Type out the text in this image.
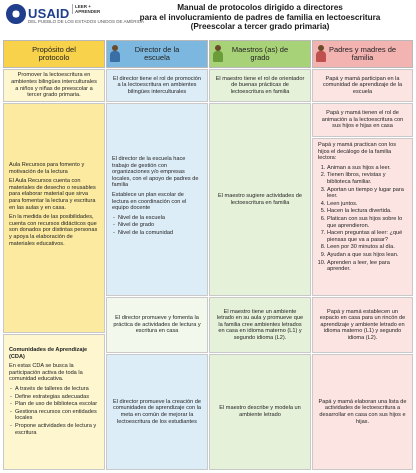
USAID
DEL PUEBLO DE LOS ESTADOS UNIDOS DE AMÉRICA
LEER + APRENDER	Manual de protocolos dirigido a directores
para el involucramiento de padres de familia en lectoescritura
(Preescolar a tercer grado primaria)
Propósito del protocolo
Director de la escuela
Maestros (as) de grado
Padres y madres de familia
Promover la lectoescritura en ambientes bilingües interculturales a niños y niñas de preescolar a tercer grado primaria.
El director tiene el rol de promoción a la lectoescritura en ambientes bilingües interculturales
El maestro tiene el rol de orientador de buenas prácticas de lectoescritura en familia
Papá y mamá participan en la comunidad de aprendizaje de la escuela

Aula Recursos para fomento y motivación de la lectura

El Aula Recursos cuenta con materiales de desecho o reusables para elaborar material que sirva para fomentar la lectura y escritura en las aulas y en casa.

En la medida de las posibilidades, cuenta con recursos didácticos que son donados por distintas personas y apoya la elaboración de materiales educativos.

El director de la escuela hace trabajo de gestión con organizaciones y/o empresas locales, con el apoyo de padres de familia

Establece un plan escolar de lectura en coordinación con el equipo docente

- Nivel de la escuela
- Nivel de grado
- Nivel de la comunidad
El maestro sugiere actividades de lectoescritura en familia
Papá y mamá tienen el rol de animación a la lectoescritura con sus hijos e hijas en casa

Papá y mamá practican con los hijos el decálogo de la familia lectora:

1. Animan a sus hijos a leer.
2. Tienen libros, revistas y biblioteca familiar.
3. Aportan un tiempo y lugar para leer.
4. Leen juntos.
5. Hacen la lectura divertida.
6. Platican con sus hijos sobre lo que aprendieron.
7. Hacen preguntas al leer: ¿qué piensas que va a pasar?
8. Leen por 30 minutos al día.
9. Ayudan a que sus hijos lean.
10. Aprenden a leer, lee para aprender.
El director promueve y fomenta la práctica de actividades de lectura y escritura en casa
El maestro tiene un ambiente letrado en su aula y promueve que la familia cree ambientes letrados en casa en idioma materno (L1) y segundo idioma (L2).
Papá y mamá establecen un espacio en casa para un rincón de aprendizaje y ambiente letrado en idioma materno (L1) y segundo idioma (L2).

Comunidades de Aprendizaje (CDA)

En estas CDA se busca la participación activa de toda la comunidad educativa.

- A través de talleres de lectura
- Define estrategias adecuadas
- Plan de uso de biblioteca escolar
- Gestiona recursos con entidades locales
- Propone actividades de lectura y escritura
El director promueve la creación de comunidades de aprendizaje con la meta en común de mejorar la lectoescritura de los estudiantes
El maestro describe y modela un ambiente letrado
Papá y mamá elaboran una lista de actividades de lectoescritura a desarrollar en casa con sus hijos e hijas.
